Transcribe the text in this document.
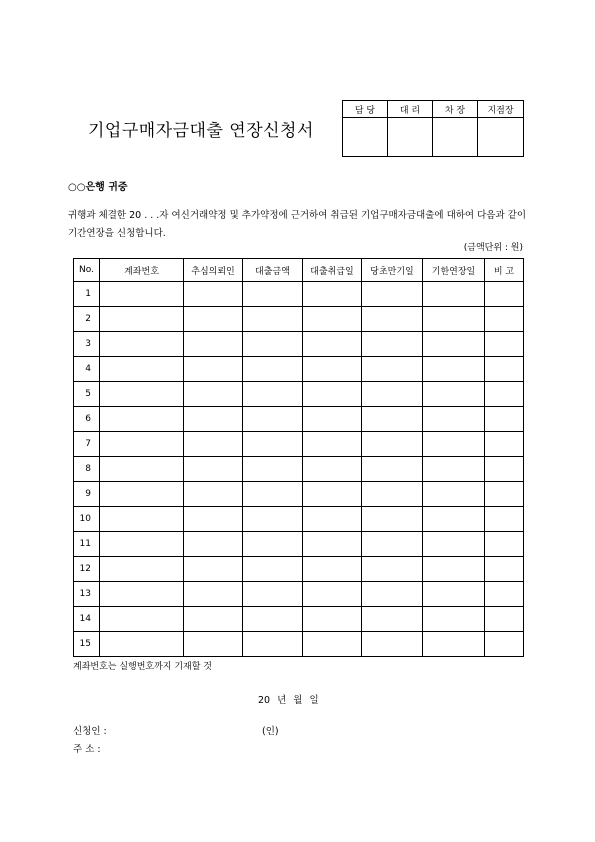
기업구매자금대출 연장신청서
담 당	대 리	차 장	지점장

○○은행 귀중
귀행과 체결한 20 . . .자 여신거래약정 및 추가약정에 근거하여 취급된 기업구매자금대출에 대하여 다음과 같이 기간연장을 신청합니다.
(금액단위 : 원)
No.	계좌번호	추심의뢰인	대출금액	대출취급일	당초만기일	기한연장일	비 고
1							
2							
3							
4							
5							
6							
7							
8							
9							
10							
11							
12							
13							
14							
15							
계좌번호는 실행번호까지 기재할 것
20 년 월 일
신청인 :	(인)
주 소 :
